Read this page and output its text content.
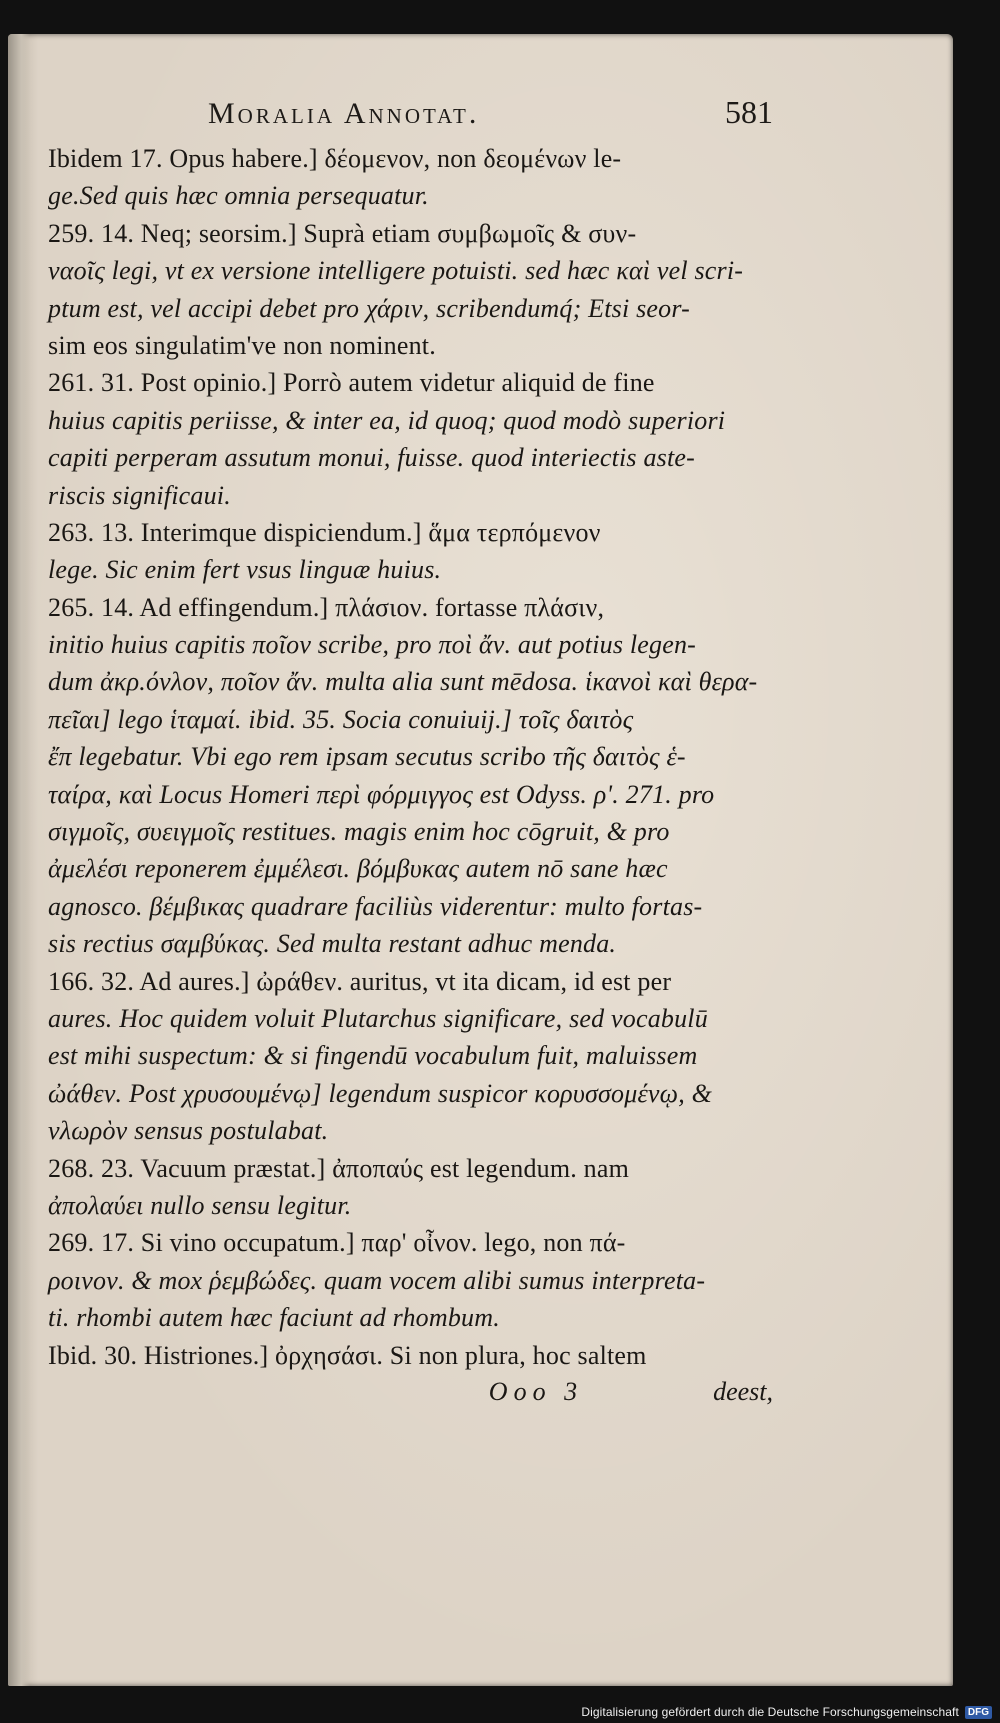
Moralia Annotat.	581
Ibidem 17. Opus habere.] δέομενον, non δεομένων le-
ge.Sed quis hæc omnia persequatur.
259. 14. Neq; seorsim.] Suprà etiam συμβωμοῖς & συν-
ναοῖς legi, vt ex versione intelligere potuisti. sed hæc καὶ vel scri-
ptum est, vel accipi debet pro χάριν, scribendumq́; Etsi seor-
sim eos singulatim've non nominent.
261. 31. Post opinio.] Porrò autem videtur aliquid de fine
huius capitis periisse, & inter ea, id quoq; quod modò superiori
capiti perperam assutum monui, fuisse. quod interiectis aste-
riscis significaui.
263. 13. Interimque dispiciendum.] ἅμα τερπόμενον
lege. Sic enim fert vsus linguæ huius.
265. 14. Ad effingendum.] πλάσιον. fortasse πλάσιν,
initio huius capitis ποῖον scribe, pro ποὶ ἄν. aut potius legen-
dum ἀκρ.όνλον, ποῖον ἄν. multa alia sunt mēdosa. ἱκανοὶ καὶ θερα-
πεῖαι] lego ἱταμαί. ibid. 35. Socia conuiuij.] τοῖς δαιτὸς
ἔπ legebatur. Vbi ego rem ipsam secutus scribo τῆς δαιτὸς ἑ-
ταίρα, καὶ Locus Homeri περὶ φόρμιγγος est Odyss. ρ'. 271. pro
σιγμοῖς, συειγμοῖς restitues. magis enim hoc cōgruit, & pro
ἀμελέσι reponerem ἐμμέλεσι. βόμβυκας autem nō sane hæc
agnosco. βέμβικας quadrare faciliùs viderentur: multo fortas-
sis rectius σαμβύκας. Sed multa restant adhuc menda.
166. 32. Ad aures.] ὠράθεν. auritus, vt ita dicam, id est per
aures. Hoc quidem voluit Plutarchus significare, sed vocabulū
est mihi suspectum: & si fingendū vocabulum fuit, maluissem
ὠάθεν. Post χρυσουμένῳ] legendum suspicor κορυσσομένῳ, &
νλωρὸν sensus postulabat.
268. 23. Vacuum præstat.] ἀποπαύς est legendum. nam
ἀπολαύει nullo sensu legitur.
269. 17. Si vino occupatum.] παρ' οἶνον. lego, non πά-
ροινον. & mox ῥεμβώδες. quam vocem alibi sumus interpreta-
ti. rhombi autem hæc faciunt ad rhombum.
Ibid. 30. Histriones.] ὀρχησάσι. Si non plura, hoc saltem
Ooo 3	deest,
Digitalisierung gefördert durch die Deutsche Forschungsgemeinschaft DFG
